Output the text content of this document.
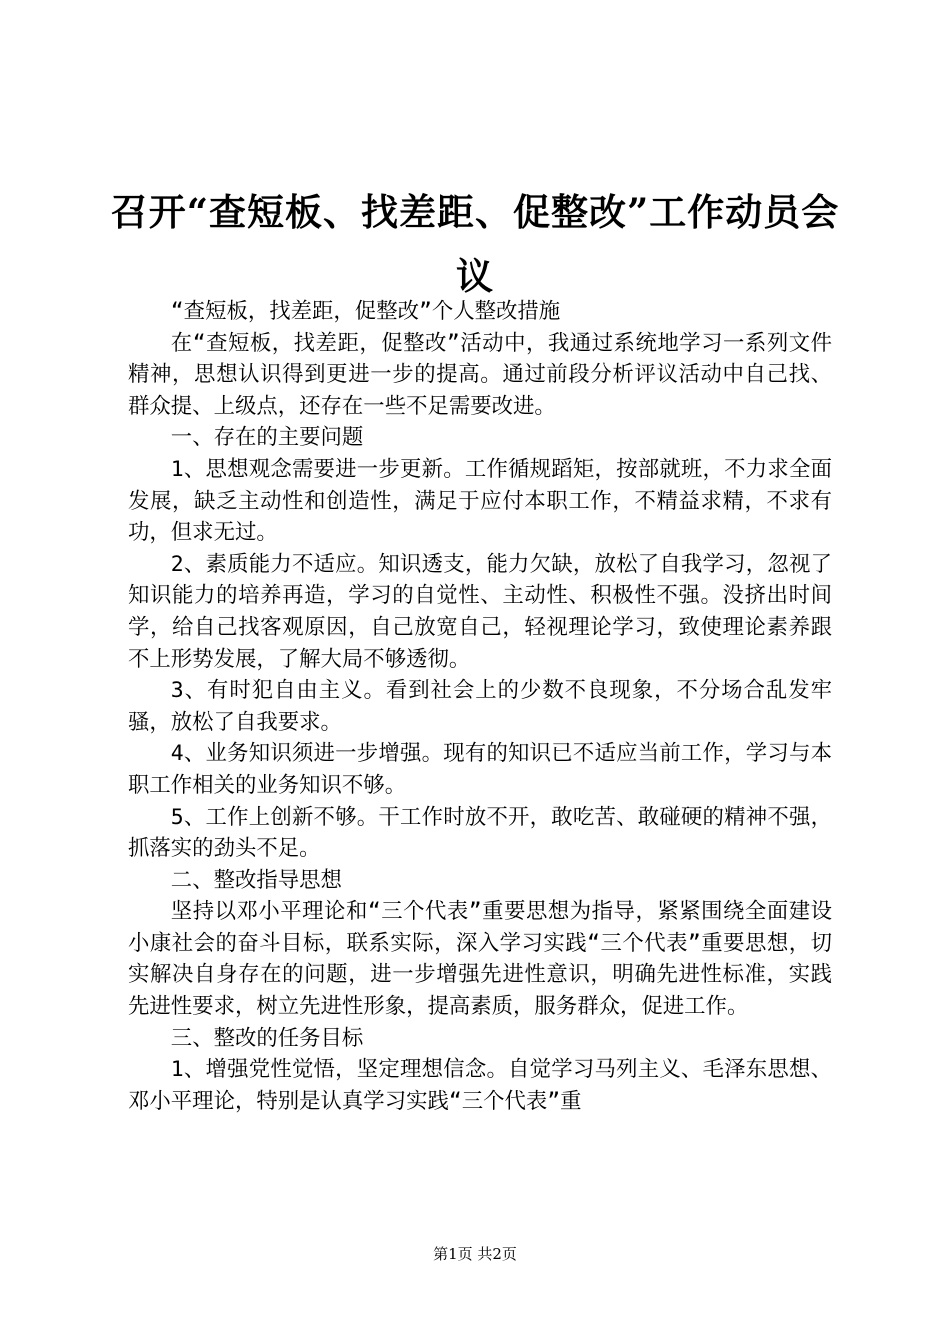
召开“查短板、找差距、促整改”工作动员会议

“查短板，找差距，促整改”个人整改措施

在“查短板，找差距，促整改”活动中，我通过系统地学习一系列文件精神，思想认识得到更进一步的提高。通过前段分析评议活动中自己找、群众提、上级点，还存在一些不足需要改进。

一、存在的主要问题

1、思想观念需要进一步更新。工作循规蹈矩，按部就班，不力求全面发展，缺乏主动性和创造性，满足于应付本职工作，不精益求精，不求有功，但求无过。

2、素质能力不适应。知识透支，能力欠缺，放松了自我学习，忽视了知识能力的培养再造，学习的自觉性、主动性、积极性不强。没挤出时间学，给自己找客观原因，自己放宽自己，轻视理论学习，致使理论素养跟不上形势发展，了解大局不够透彻。

3、有时犯自由主义。看到社会上的少数不良现象，不分场合乱发牢骚，放松了自我要求。

4、业务知识须进一步增强。现有的知识已不适应当前工作，学习与本职工作相关的业务知识不够。

5、工作上创新不够。干工作时放不开，敢吃苦、敢碰硬的精神不强，抓落实的劲头不足。

二、整改指导思想

坚持以邓小平理论和“三个代表”重要思想为指导，紧紧围绕全面建设小康社会的奋斗目标，联系实际，深入学习实践“三个代表”重要思想，切实解决自身存在的问题，进一步增强先进性意识，明确先进性标准，实践先进性要求，树立先进性形象，提高素质，服务群众，促进工作。

三、整改的任务目标

1、增强党性觉悟，坚定理想信念。自觉学习马列主义、毛泽东思想、邓小平理论，特别是认真学习实践“三个代表”重

第1页 共2页
